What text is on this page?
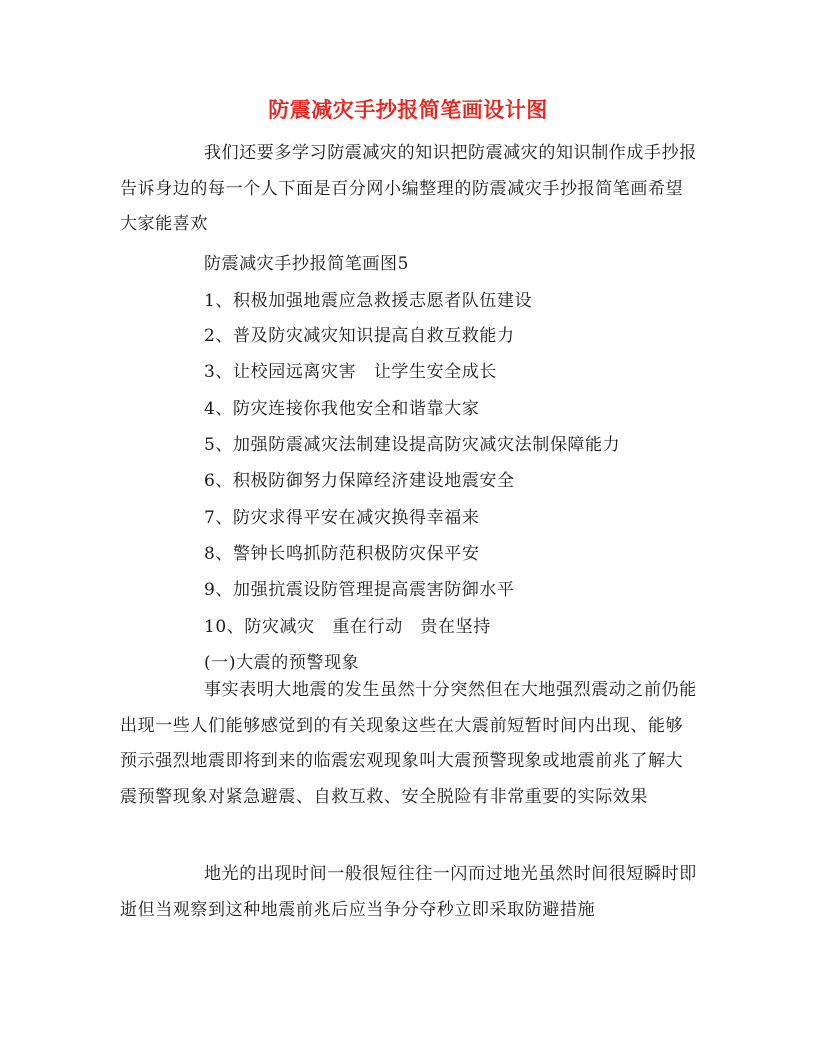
防震减灾手抄报简笔画设计图

我们还要多学习防震减灾的知识把防震减灾的知识制作成手抄报告诉身边的每一个人下面是百分网小编整理的防震减灾手抄报简笔画希望大家能喜欢

防震减灾手抄报简笔画图5
1、积极加强地震应急救援志愿者队伍建设
2、普及防灾减灾知识提高自救互救能力
3、让校园远离灾害　让学生安全成长
4、防灾连接你我他安全和谐靠大家
5、加强防震减灾法制建设提高防灾减灾法制保障能力
6、积极防御努力保障经济建设地震安全
7、防灾求得平安在减灾换得幸福来
8、警钟长鸣抓防范积极防灾保平安
9、加强抗震设防管理提高震害防御水平
10、防灾减灾　重在行动　贵在坚持
(一)大震的预警现象

事实表明大地震的发生虽然十分突然但在大地强烈震动之前仍能出现一些人们能够感觉到的有关现象这些在大震前短暂时间内出现、能够预示强烈地震即将到来的临震宏观现象叫大震预警现象或地震前兆了解大震预警现象对紧急避震、自救互救、安全脱险有非常重要的实际效果

地光的出现时间一般很短往往一闪而过地光虽然时间很短瞬时即逝但当观察到这种地震前兆后应当争分夺秒立即采取防避措施
